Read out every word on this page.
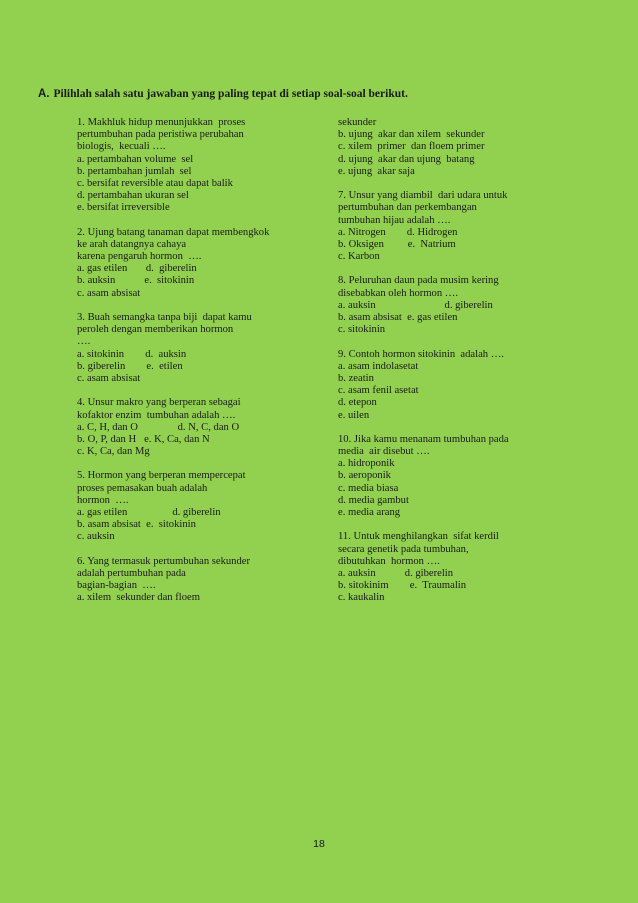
A. Pilihlah salah satu jawaban yang paling tepat di setiap soal-soal berikut.
1. Makhluk hidup menunjukkan  proses
pertumbuhan pada peristiwa perubahan
biologis,  kecuali ….
a. pertambahan volume  sel
b. pertambahan jumlah  sel
c. bersifat reversible atau dapat balik
d. pertambahan ukuran sel
e. bersifat irreversible
2. Ujung batang tanaman dapat membengkok
ke arah datangnya cahaya
karena pengaruh hormon  ….
a. gas etilen       d.  giberelin
b. auksin           e.  sitokinin
c. asam absisat
3. Buah semangka tanpa biji  dapat kamu
peroleh dengan memberikan hormon
….
a. sitokinin        d.  auksin
b. giberelin        e.  etilen
c. asam absisat
4. Unsur makro yang berperan sebagai
kofaktor enzim  tumbuhan adalah ….
a. C, H, dan O               d. N, C, dan O
b. O, P, dan H   e. K, Ca, dan N
c. K, Ca, dan Mg
5. Hormon yang berperan mempercepat
proses pemasakan buah adalah
hormon  ….
a. gas etilen                 d. giberelin
b. asam absisat  e.  sitokinin
c. auksin
6. Yang termasuk pertumbuhan sekunder
adalah pertumbuhan pada
bagian-bagian  ….
a. xilem  sekunder dan floem
sekunder
b. ujung  akar dan xilem  sekunder
c. xilem  primer  dan floem primer
d. ujung  akar dan ujung  batang
e. ujung  akar saja
7. Unsur yang diambil  dari udara untuk
pertumbuhan dan perkembangan
tumbuhan hijau adalah ….
a. Nitrogen        d. Hidrogen
b. Oksigen         e.  Natrium
c. Karbon
8. Peluruhan daun pada musim kering
disebabkan oleh hormon ….
a. auksin                          d. giberelin
b. asam absisat  e. gas etilen
c. sitokinin
9. Contoh hormon sitokinin  adalah ….
a. asam indolasetat
b. zeatin
c. asam fenil asetat
d. etepon
e. uilen
10. Jika kamu menanam tumbuhan pada
media  air disebut ….
a. hidroponik
b. aeroponik
c. media biasa
d. media gambut
e. media arang
11. Untuk menghilangkan  sifat kerdil
secara genetik pada tumbuhan,
dibutuhkan  hormon ….
a. auksin           d. giberelin
b. sitokinim        e.  Traumalin
c. kaukalin
18
